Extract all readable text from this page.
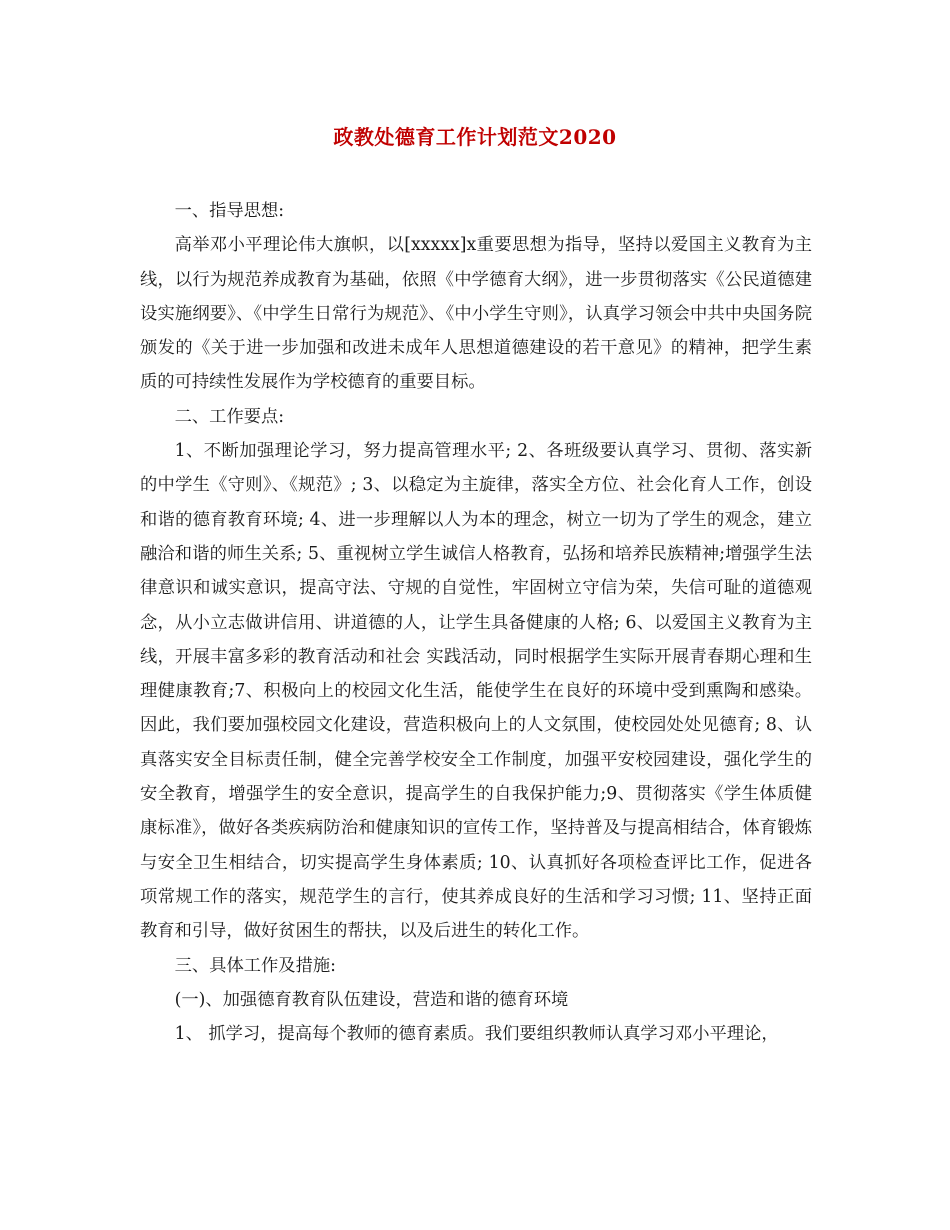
政教处德育工作计划范文2020

一、指导思想:

高举邓小平理论伟大旗帜，以[xxxxx]x重要思想为指导，坚持以爱国主义教育为主线，以行为规范养成教育为基础，依照《中学德育大纲》，进一步贯彻落实《公民道德建设实施纲要》、《中学生日常行为规范》、《中小学生守则》，认真学习领会中共中央国务院颁发的《关于进一步加强和改进未成年人思想道德建设的若干意见》的精神，把学生素质的可持续性发展作为学校德育的重要目标。

二、工作要点:

1、不断加强理论学习，努力提高管理水平; 2、各班级要认真学习、贯彻、落实新的中学生《守则》、《规范》; 3、以稳定为主旋律，落实全方位、社会化育人工作，创设和谐的德育教育环境; 4、进一步理解以人为本的理念，树立一切为了学生的观念，建立融洽和谐的师生关系; 5、重视树立学生诚信人格教育，弘扬和培养民族精神;增强学生法律意识和诚实意识，提高守法、守规的自觉性，牢固树立守信为荣，失信可耻的道德观念，从小立志做讲信用、讲道德的人，让学生具备健康的人格; 6、以爱国主义教育为主线，开展丰富多彩的教育活动和社会 实践活动，同时根据学生实际开展青春期心理和生理健康教育;7、积极向上的校园文化生活，能使学生在良好的环境中受到熏陶和感染。因此，我们要加强校园文化建设，营造积极向上的人文氛围，使校园处处见德育; 8、认真落实安全目标责任制，健全完善学校安全工作制度，加强平安校园建设，强化学生的安全教育，增强学生的安全意识，提高学生的自我保护能力;9、贯彻落实《学生体质健康标准》，做好各类疾病防治和健康知识的宣传工作，坚持普及与提高相结合，体育锻炼与安全卫生相结合，切实提高学生身体素质; 10、认真抓好各项检查评比工作，促进各项常规工作的落实，规范学生的言行，使其养成良好的生活和学习习惯; 11、坚持正面教育和引导，做好贫困生的帮扶，以及后进生的转化工作。

三、具体工作及措施:

(一)、加强德育教育队伍建设，营造和谐的德育环境

1、 抓学习，提高每个教师的德育素质。我们要组织教师认真学习邓小平理论，
